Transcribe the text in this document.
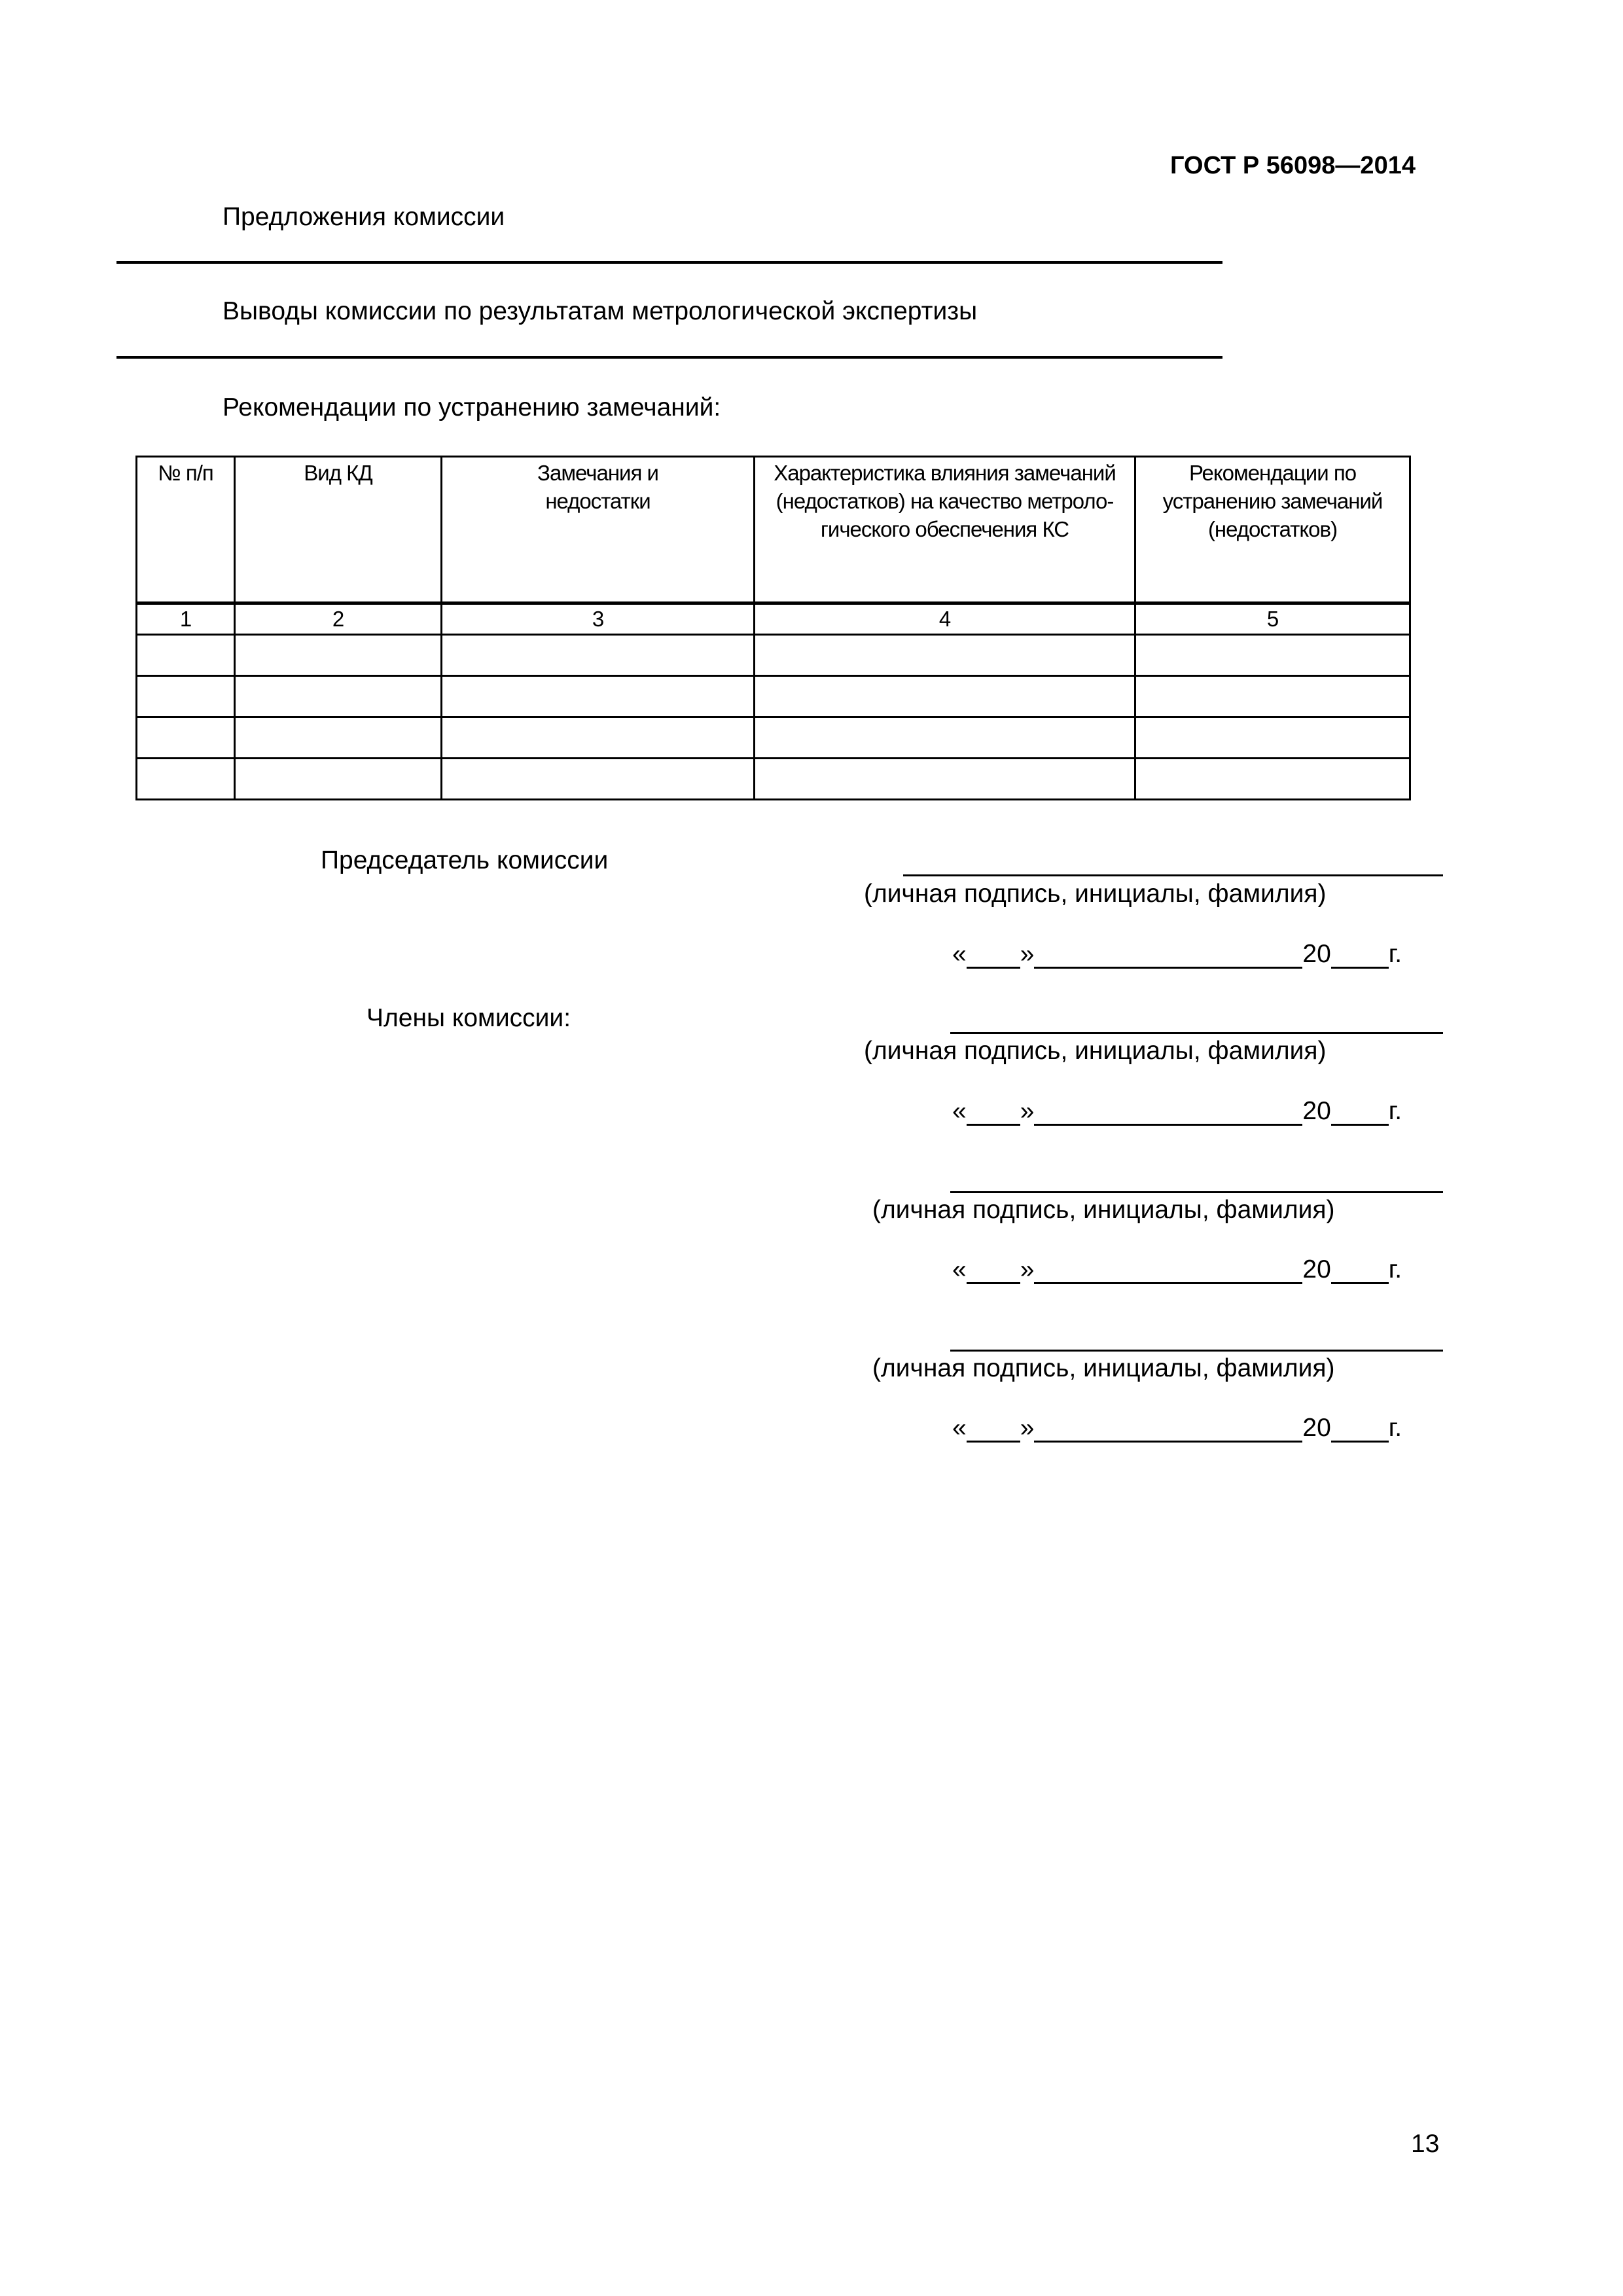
ГОСТ Р 56098—2014
Предложения комиссии
Выводы комиссии по результатам метрологической экспертизы
Рекомендации по устранению замечаний:
№ п/п	Вид КД	Замечания и недостатки	Характеристика влияния замечаний (недостатков) на качество метроло-гического обеспечения КС	Рекомендации по устранению замечаний (недостатков)
1	2	3	4	5

Председатель комиссии
(личная подпись, инициалы, фамилия)
« »	20 г.
Члены комиссии:
(личная подпись, инициалы, фамилия)
« »	20 г.
(личная подпись, инициалы, фамилия)
« »	20 г.
(личная подпись, инициалы, фамилия)
« »	20 г.
13
